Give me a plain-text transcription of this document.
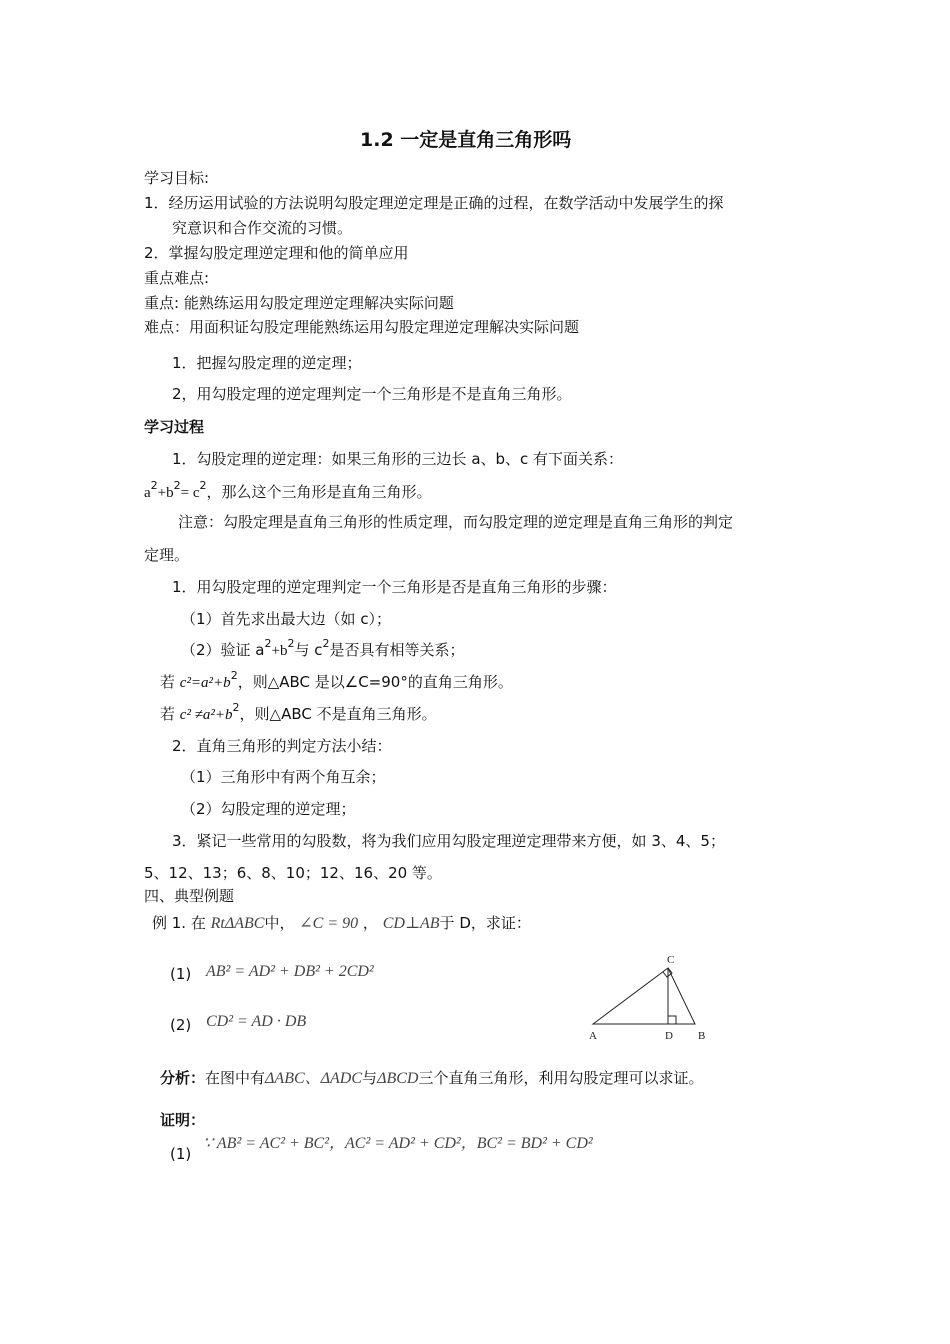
1.2 一定是直角三角形吗
学习目标:
1．经历运用试验的方法说明勾股定理逆定理是正确的过程，在数学活动中发展学生的探
究意识和合作交流的习惯。
2．掌握勾股定理逆定理和他的简单应用
重点难点:
重点: 能熟练运用勾股定理逆定理解决实际问题
难点：用面积证勾股定理能熟练运用勾股定理逆定理解决实际问题
1．把握勾股定理的逆定理；
2，用勾股定理的逆定理判定一个三角形是不是直角三角形。
学习过程
1．勾股定理的逆定理：如果三角形的三边长 a、b、c 有下面关系：
$a^2+b^2= c^2$，那么这个三角形是直角三角形。
注意：勾股定理是直角三角形的性质定理，而勾股定理的逆定理是直角三角形的判定
定理。
1．用勾股定理的逆定理判定一个三角形是否是直角三角形的步骤：
（1）首先求出最大边（如 c）；
（2）验证 $a^2+b^2$与 $c^2$是否具有相等关系；
若 $c^2=a^2+b^2$，则△ABC 是以∠C=90°的直角三角形。
若 $c^2 \ne a^2+b^2$，则△ABC 不是直角三角形。
2．直角三角形的判定方法小结：
（1）三角形中有两个角互余；
（2）勾股定理的逆定理；
3．紧记一些常用的勾股数，将为我们应用勾股定理逆定理带来方便，如 3、4、5；
5、12、13；6、8、10；12、16、20 等。
四、典型例题
例 1. 在 RtΔABC中， ∠C = 90 ， CD⊥AB于 D，求证：
(1) AB² = AD² + DB² + 2CD²
(2) CD² = AD · DB
A	D B
C
分析：在图中有ΔABC、ΔADC与ΔBCD三个直角三角形，利用勾股定理可以求证。
证明：
(1)
∵ AB² = AC² + BC²，AC² = AD² + CD²，BC² = BD² + CD²
